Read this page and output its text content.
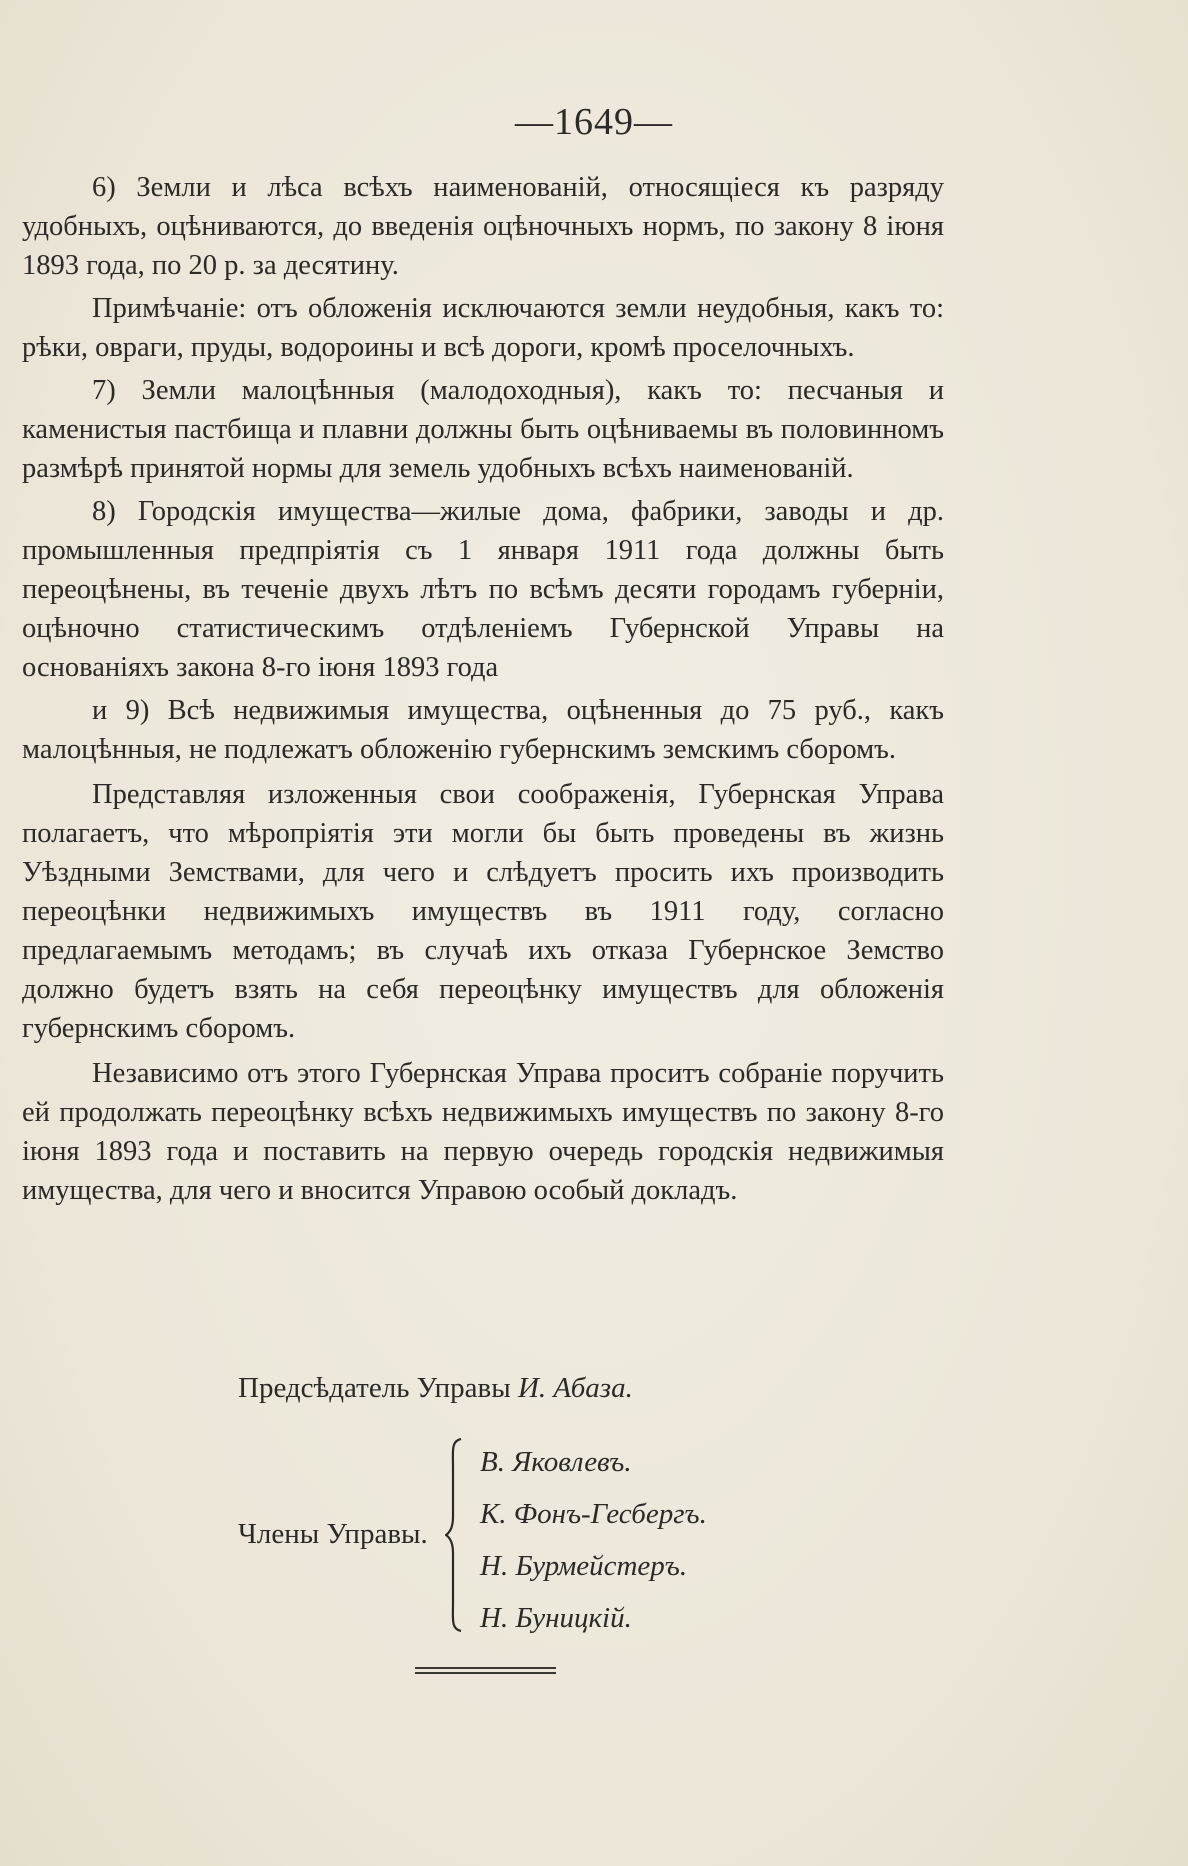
—1649—

6) Земли и лѣса всѣхъ наименованій, относящіеся къ разряду удобныхъ, оцѣниваются, до введенія оцѣночныхъ нормъ, по закону 8 іюня 1893 года, по 20 р. за десятину.

Примѣчаніе: отъ обложенія исключаются земли неудобныя, какъ то: рѣки, овраги, пруды, водороины и всѣ дороги, кромѣ проселочныхъ.

7) Земли малоцѣнныя (малодоходныя), какъ то: песчаныя и каменистыя пастбища и плавни должны быть оцѣниваемы въ половинномъ размѣрѣ принятой нормы для земель удобныхъ всѣхъ наименованій.

8) Городскія имущества—жилые дома, фабрики, заводы и др. промышленныя предпріятія съ 1 января 1911 года должны быть переоцѣнены, въ теченіе двухъ лѣтъ по всѣмъ десяти городамъ губерніи, оцѣночно статистическимъ отдѣленіемъ Губернской Управы на основаніяхъ закона 8-го іюня 1893 года

и 9) Всѣ недвижимыя имущества, оцѣненныя до 75 руб., какъ малоцѣнныя, не подлежатъ обложенію губернскимъ земскимъ сборомъ.

Представляя изложенныя свои соображенія, Губернская Управа полагаетъ, что мѣропріятія эти могли бы быть проведены въ жизнь Уѣздными Земствами, для чего и слѣдуетъ просить ихъ производить переоцѣнки недвижимыхъ имуществъ въ 1911 году, согласно предлагаемымъ методамъ; въ случаѣ ихъ отказа Губернское Земство должно будетъ взять на себя переоцѣнку имуществъ для обложенія губернскимъ сборомъ.

Независимо отъ этого Губернская Управа проситъ собраніе поручить ей продолжать переоцѣнку всѣхъ недвижимыхъ имуществъ по закону 8-го іюня 1893 года и поставить на первую очередь городскія недвижимыя имущества, для чего и вносится Управою особый докладъ.

Предсѣдатель Управы И. Абаза.
Члены Управы.
В. Яковлевъ.
К. Фонъ-Гесбергъ.
Н. Бурмейстеръ.
Н. Буницкій.
